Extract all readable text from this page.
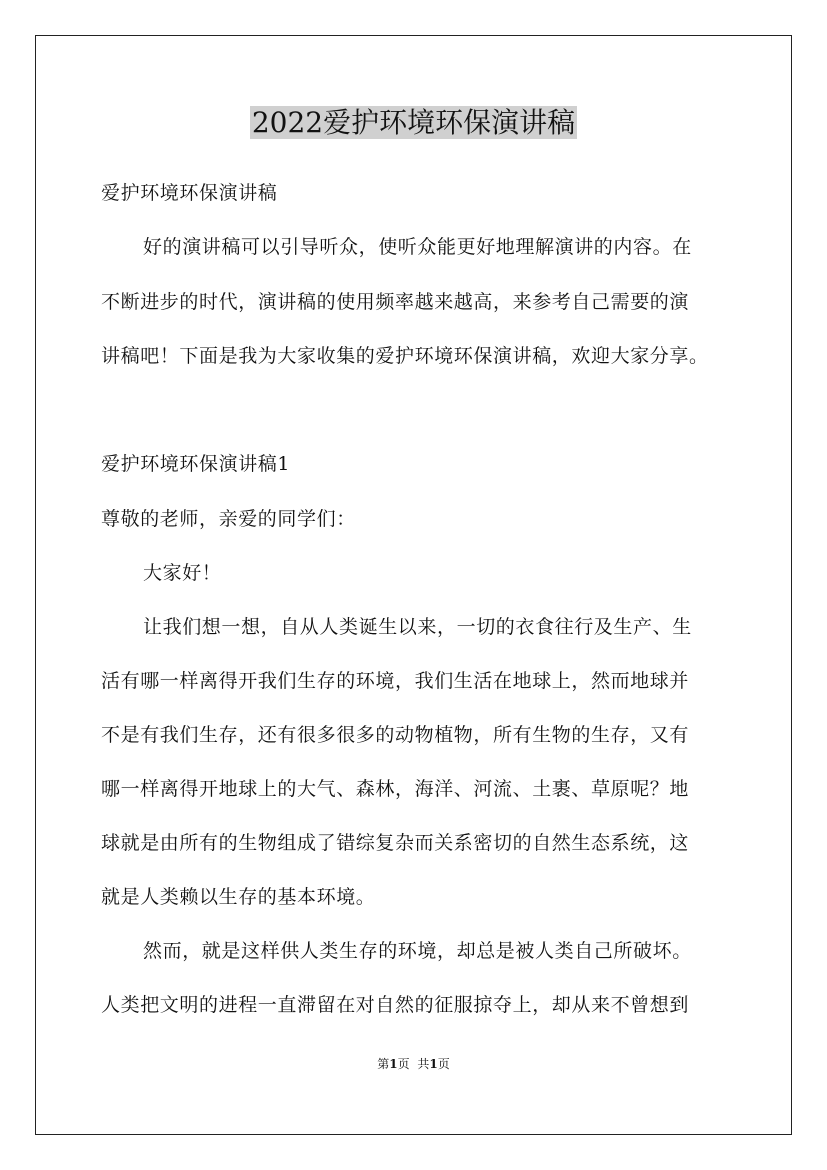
2022爱护环境环保演讲稿

爱护环境环保演讲稿

好的演讲稿可以引导听众，使听众能更好地理解演讲的内容。在

不断进步的时代，演讲稿的使用频率越来越高，来参考自己需要的演

讲稿吧！下面是我为大家收集的爱护环境环保演讲稿，欢迎大家分享。

爱护环境环保演讲稿1

尊敬的老师，亲爱的同学们：

大家好！

让我们想一想，自从人类诞生以来，一切的衣食往行及生产、生

活有哪一样离得开我们生存的环境，我们生活在地球上，然而地球并

不是有我们生存，还有很多很多的动物植物，所有生物的生存，又有

哪一样离得开地球上的大气、森林，海洋、河流、土裹、草原呢？地

球就是由所有的生物组成了错综复杂而关系密切的自然生态系统，这

就是人类赖以生存的基本环境。

然而，就是这样供人类生存的环境，却总是被人类自己所破坏。

人类把文明的进程一直滞留在对自然的征服掠夺上，却从来不曾想到

第1页 共1页
